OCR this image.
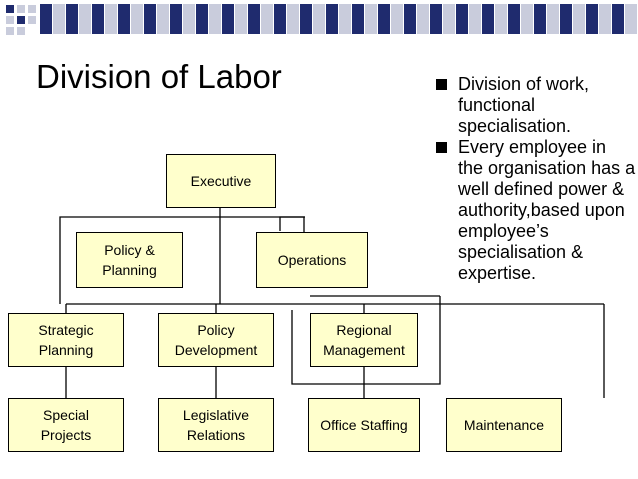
Division of Labor
Executive
Policy &
Planning
Operations
Strategic
Planning
Policy
Development
Regional
Management
Special
Projects
Legislative
Relations
Office Staffing	Maintenance
Division of work, functional specialisation.
Every employee in the organisation has a well defined power & authority,based upon employee’s specialisation & expertise.
